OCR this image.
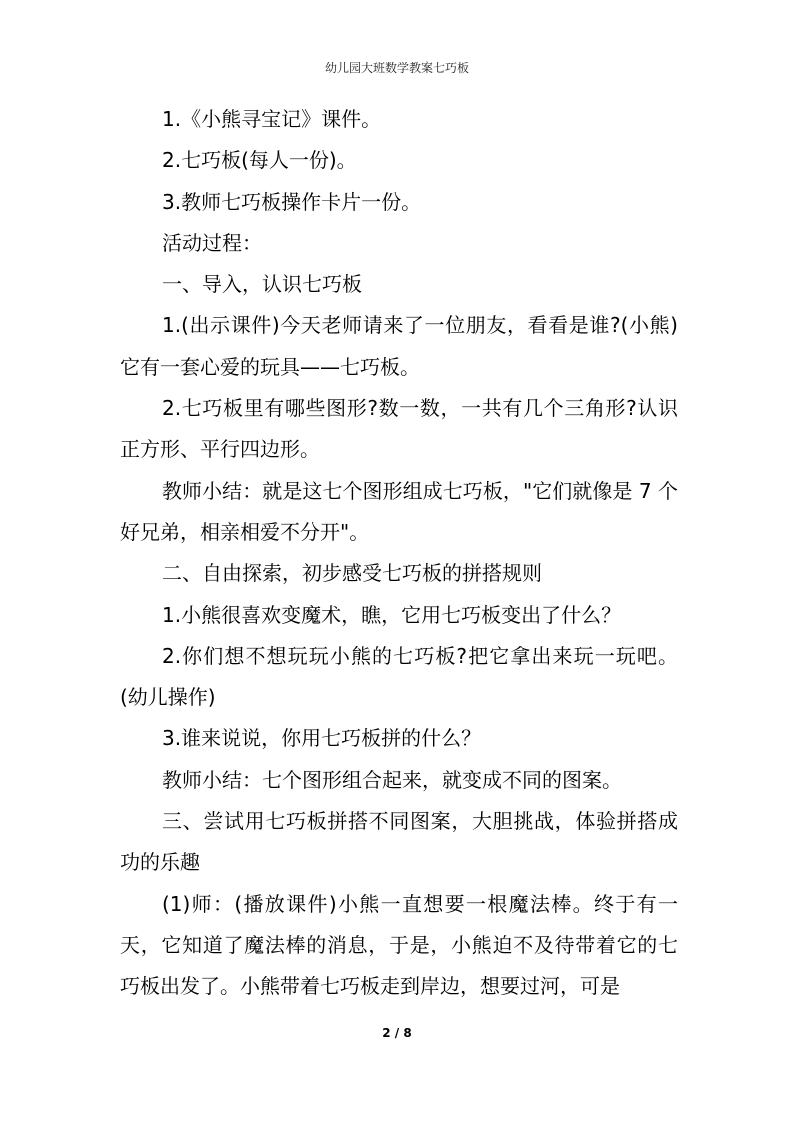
幼儿园大班数学教案七巧板

1.《小熊寻宝记》课件。

2.七巧板(每人一份)。

3.教师七巧板操作卡片一份。

活动过程：

一、导入，认识七巧板

1.(出示课件)今天老师请来了一位朋友，看看是谁?(小熊)它有一套心爱的玩具——七巧板。

2.七巧板里有哪些图形?数一数，一共有几个三角形?认识正方形、平行四边形。

教师小结：就是这七个图形组成七巧板，"它们就像是 7 个好兄弟，相亲相爱不分开"。

二、自由探索，初步感受七巧板的拼搭规则

1.小熊很喜欢变魔术，瞧，它用七巧板变出了什么？

2.你们想不想玩玩小熊的七巧板?把它拿出来玩一玩吧。(幼儿操作)

3.谁来说说，你用七巧板拼的什么？

教师小结：七个图形组合起来，就变成不同的图案。

三、尝试用七巧板拼搭不同图案，大胆挑战，体验拼搭成功的乐趣

(1)师：(播放课件)小熊一直想要一根魔法棒。终于有一天，它知道了魔法棒的消息，于是，小熊迫不及待带着它的七巧板出发了。小熊带着七巧板走到岸边，想要过河，可是

2 / 8
